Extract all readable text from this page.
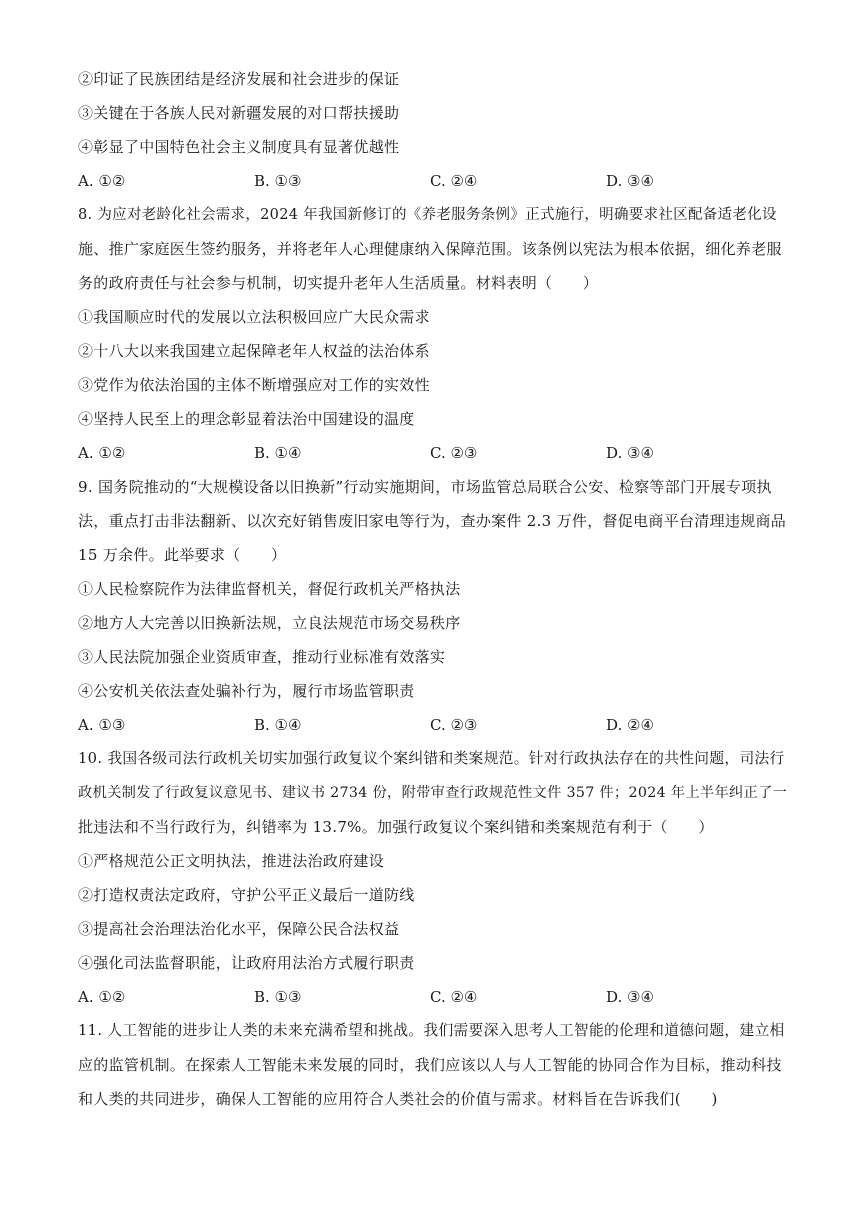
②印证了民族团结是经济发展和社会进步的保证
③关键在于各族人民对新疆发展的对口帮扶援助
④彰显了中国特色社会主义制度具有显著优越性
A. ①②	B. ①③	C. ②④	D. ③④
8. 为应对老龄化社会需求，2024 年我国新修订的《养老服务条例》正式施行，明确要求社区配备适老化设
施、推广家庭医生签约服务，并将老年人心理健康纳入保障范围。该条例以宪法为根本依据，细化养老服
务的政府责任与社会参与机制，切实提升老年人生活质量。材料表明（　　）
①我国顺应时代的发展以立法积极回应广大民众需求
②十八大以来我国建立起保障老年人权益的法治体系
③党作为依法治国的主体不断增强应对工作的实效性
④坚持人民至上的理念彰显着法治中国建设的温度
A. ①②	B. ①④	C. ②③	D. ③④
9. 国务院推动的“大规模设备以旧换新”行动实施期间，市场监管总局联合公安、检察等部门开展专项执
法，重点打击非法翻新、以次充好销售废旧家电等行为，查办案件 2.3 万件，督促电商平台清理违规商品
15 万余件。此举要求（　　）
①人民检察院作为法律监督机关，督促行政机关严格执法
②地方人大完善以旧换新法规，立良法规范市场交易秩序
③人民法院加强企业资质审查，推动行业标准有效落实
④公安机关依法查处骗补行为，履行市场监管职责
A. ①③	B. ①④	C. ②③	D. ②④
10. 我国各级司法行政机关切实加强行政复议个案纠错和类案规范。针对行政执法存在的共性问题，司法行
政机关制发了行政复议意见书、建议书 2734 份，附带审查行政规范性文件 357 件；2024 年上半年纠正了一
批违法和不当行政行为，纠错率为 13.7%。加强行政复议个案纠错和类案规范有利于（　　）
①严格规范公正文明执法，推进法治政府建设
②打造权责法定政府，守护公平正义最后一道防线
③提高社会治理法治化水平，保障公民合法权益
④强化司法监督职能，让政府用法治方式履行职责
A. ①②	B. ①③	C. ②④	D. ③④
11. 人工智能的进步让人类的未来充满希望和挑战。我们需要深入思考人工智能的伦理和道德问题，建立相
应的监管机制。在探索人工智能未来发展的同时，我们应该以人与人工智能的协同合作为目标，推动科技
和人类的共同进步，确保人工智能的应用符合人类社会的价值与需求。材料旨在告诉我们(　　)
